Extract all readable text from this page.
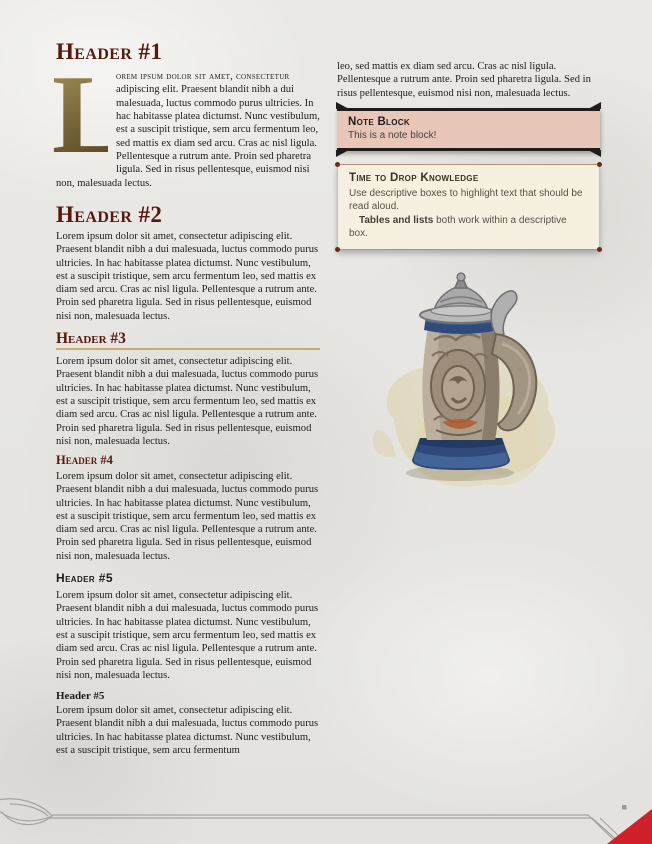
Header #1

L
orem ipsum dolor sit amet, consectetur adipiscing elit. Praesent blandit nibh a dui malesuada, luctus commodo purus ultricies. In hac habitasse platea dictumst. Nunc vestibulum, est a suscipit tristique, sem arcu fermentum leo, sed mattis ex diam sed arcu. Cras ac nisl ligula. Pellentesque a rutrum ante. Proin sed pharetra ligula. Sed in risus pellentesque, euismod nisi non, malesuada lectus.

Header #2

Lorem ipsum dolor sit amet, consectetur adipiscing elit. Praesent blandit nibh a dui malesuada, luctus commodo purus ultricies. In hac habitasse platea dictumst. Nunc vestibulum, est a suscipit tristique, sem arcu fermentum leo, sed mattis ex diam sed arcu. Cras ac nisl ligula. Pellentesque a rutrum ante. Proin sed pharetra ligula. Sed in risus pellentesque, euismod nisi non, malesuada lectus.

Header #3

Lorem ipsum dolor sit amet, consectetur adipiscing elit. Praesent blandit nibh a dui malesuada, luctus commodo purus ultricies. In hac habitasse platea dictumst. Nunc vestibulum, est a suscipit tristique, sem arcu fermentum leo, sed mattis ex diam sed arcu. Cras ac nisl ligula. Pellentesque a rutrum ante. Proin sed pharetra ligula. Sed in risus pellentesque, euismod nisi non, malesuada lectus.

Header #4

Lorem ipsum dolor sit amet, consectetur adipiscing elit. Praesent blandit nibh a dui malesuada, luctus commodo purus ultricies. In hac habitasse platea dictumst. Nunc vestibulum, est a suscipit tristique, sem arcu fermentum leo, sed mattis ex diam sed arcu. Cras ac nisl ligula. Pellentesque a rutrum ante. Proin sed pharetra ligula. Sed in risus pellentesque, euismod nisi non, malesuada lectus.

Header #5

Lorem ipsum dolor sit amet, consectetur adipiscing elit. Praesent blandit nibh a dui malesuada, luctus commodo purus ultricies. In hac habitasse platea dictumst. Nunc vestibulum, est a suscipit tristique, sem arcu fermentum leo, sed mattis ex diam sed arcu. Cras ac nisl ligula. Pellentesque a rutrum ante. Proin sed pharetra ligula. Sed in risus pellentesque, euismod nisi non, malesuada lectus.

Header #5

Lorem ipsum dolor sit amet, consectetur adipiscing elit. Praesent blandit nibh a dui malesuada, luctus commodo purus ultricies. In hac habitasse platea dictumst. Nunc vestibulum, est a suscipit tristique, sem arcu fermentum

leo, sed mattis ex diam sed arcu. Cras ac nisl ligula. Pellentesque a rutrum ante. Proin sed pharetra ligula. Sed in risus pellentesque, euismod nisi non, malesuada lectus.

Note Block
This is a note block!
Time to Drop Knowledge

Use descriptive boxes to highlight text that should be read aloud.

Tables and lists both work within a descriptive box.
